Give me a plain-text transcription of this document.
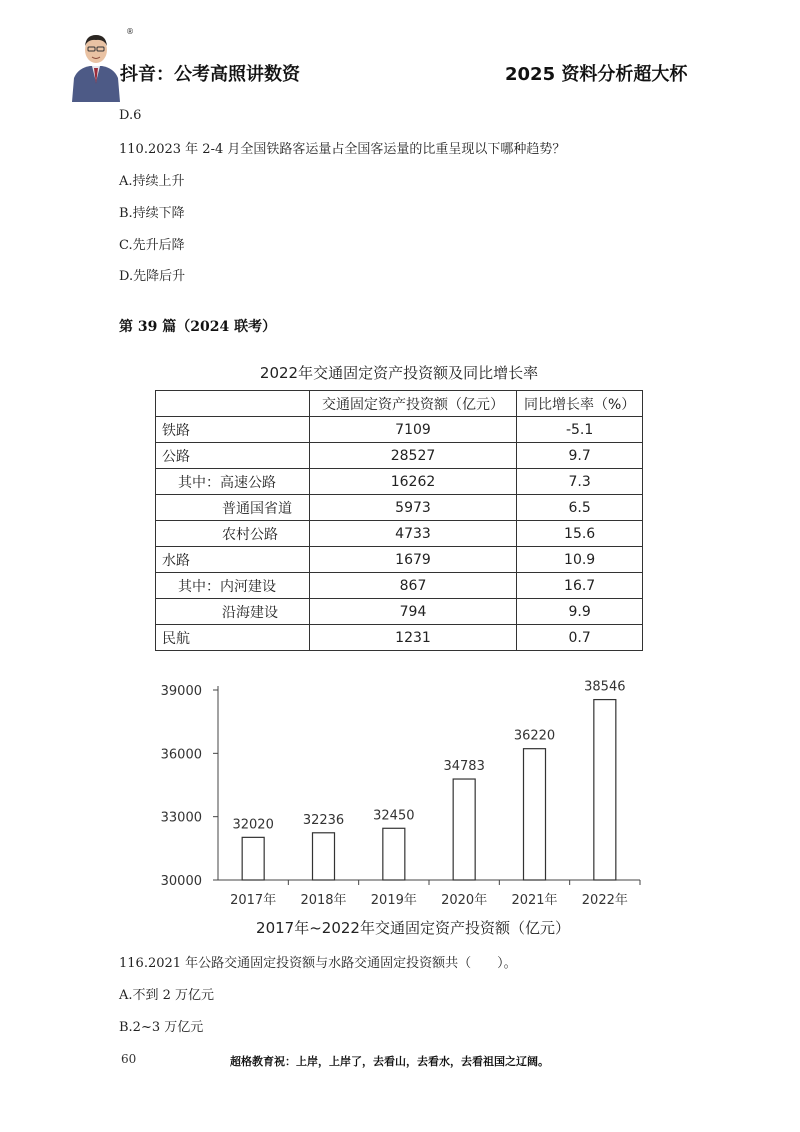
®
抖音：公考高照讲数资	2025 资料分析超大杯
D.6
110.2023 年 2-4 月全国铁路客运量占全国客运量的比重呈现以下哪种趋势？
A.持续上升
B.持续下降
C.先升后降
D.先降后升
第 39 篇（2024 联考）
2022年交通固定资产投资额及同比增长率
	交通固定资产投资额（亿元）	同比增长率（%）
铁路	7109	-5.1
公路	28527	9.7
其中：高速公路	16262	7.3
普通国省道	5973	6.5
农村公路	4733	15.6
水路	1679	10.9
其中：内河建设	867	16.7
沿海建设	794	9.9
民航	1231	0.7
30000
33000
36000
39000
32020
2017年
32236
2018年
32450
2019年
34783
2020年
36220
2021年
38546
2022年
2017年~2022年交通固定资产投资额（亿元）
116.2021 年公路交通固定投资额与水路交通固定投资额共（　　）。
A.不到 2 万亿元
B.2~3 万亿元
60	超格教育祝：上岸，上岸了，去看山，去看水，去看祖国之辽阔。
